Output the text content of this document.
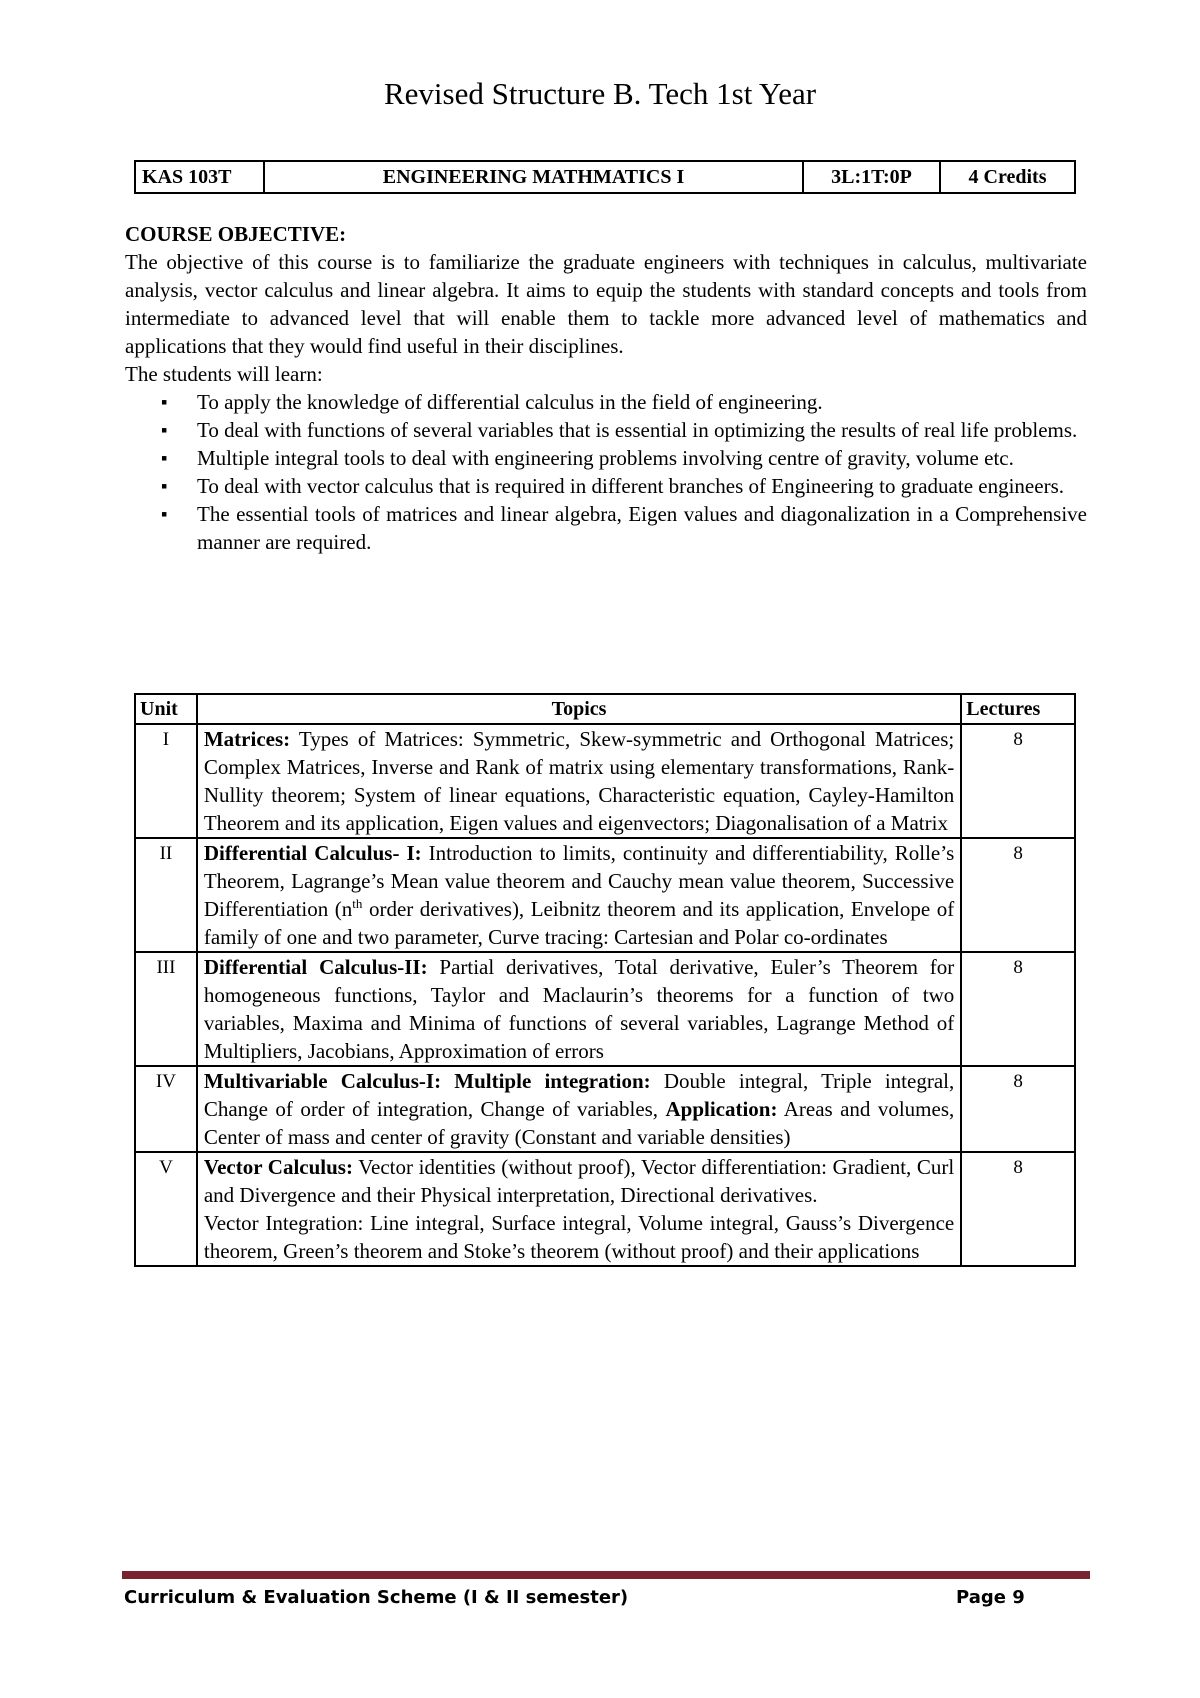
Revised Structure B. Tech 1st Year
KAS 103T	ENGINEERING MATHMATICS I	3L:1T:0P	4 Credits
COURSE OBJECTIVE:

The objective of this course is to familiarize the graduate engineers with techniques in calculus, multivariate analysis, vector calculus and linear algebra. It aims to equip the students with standard concepts and tools from intermediate to advanced level that will enable them to tackle more advanced level of mathematics and applications that they would find useful in their disciplines.

The students will learn:

▪ To apply the knowledge of differential calculus in the field of engineering.
▪ To deal with functions of several variables that is essential in optimizing the results of real life problems.
▪ Multiple integral tools to deal with engineering problems involving centre of gravity, volume etc.
▪ To deal with vector calculus that is required in different branches of Engineering to graduate engineers.
▪ The essential tools of matrices and linear algebra, Eigen values and diagonalization in a Comprehensive manner are required.
Unit	Topics	Lectures
I	Matrices: Types of Matrices: Symmetric, Skew-symmetric and Orthogonal Matrices; Complex Matrices, Inverse and Rank of matrix using elementary transformations, Rank-Nullity theorem; System of linear equations, Characteristic equation, Cayley-Hamilton Theorem and its application, Eigen values and eigenvectors; Diagonalisation of a Matrix	8
II	Differential Calculus- I: Introduction to limits, continuity and differentiability, Rolle’s Theorem, Lagrange’s Mean value theorem and Cauchy mean value theorem, Successive Differentiation ($n^{th}$ order derivatives), Leibnitz theorem and its application, Envelope of family of one and two parameter, Curve tracing: Cartesian and Polar co-ordinates	8
III	Differential Calculus-II: Partial derivatives, Total derivative, Euler’s Theorem for homogeneous functions, Taylor and Maclaurin’s theorems for a function of two variables, Maxima and Minima of functions of several variables, Lagrange Method of Multipliers, Jacobians, Approximation of errors	8
IV	Multivariable Calculus-I: Multiple integration: Double integral, Triple integral, Change of order of integration, Change of variables, Application: Areas and volumes, Center of mass and center of gravity (Constant and variable densities)	8
V	Vector Calculus: Vector identities (without proof), Vector differentiation: Gradient, Curl and Divergence and their Physical interpretation, Directional derivatives.
Vector Integration: Line integral, Surface integral, Volume integral, Gauss’s Divergence theorem, Green’s theorem and Stoke’s theorem (without proof) and their applications	8
Curriculum & Evaluation Scheme (I & II semester)	Page 9
